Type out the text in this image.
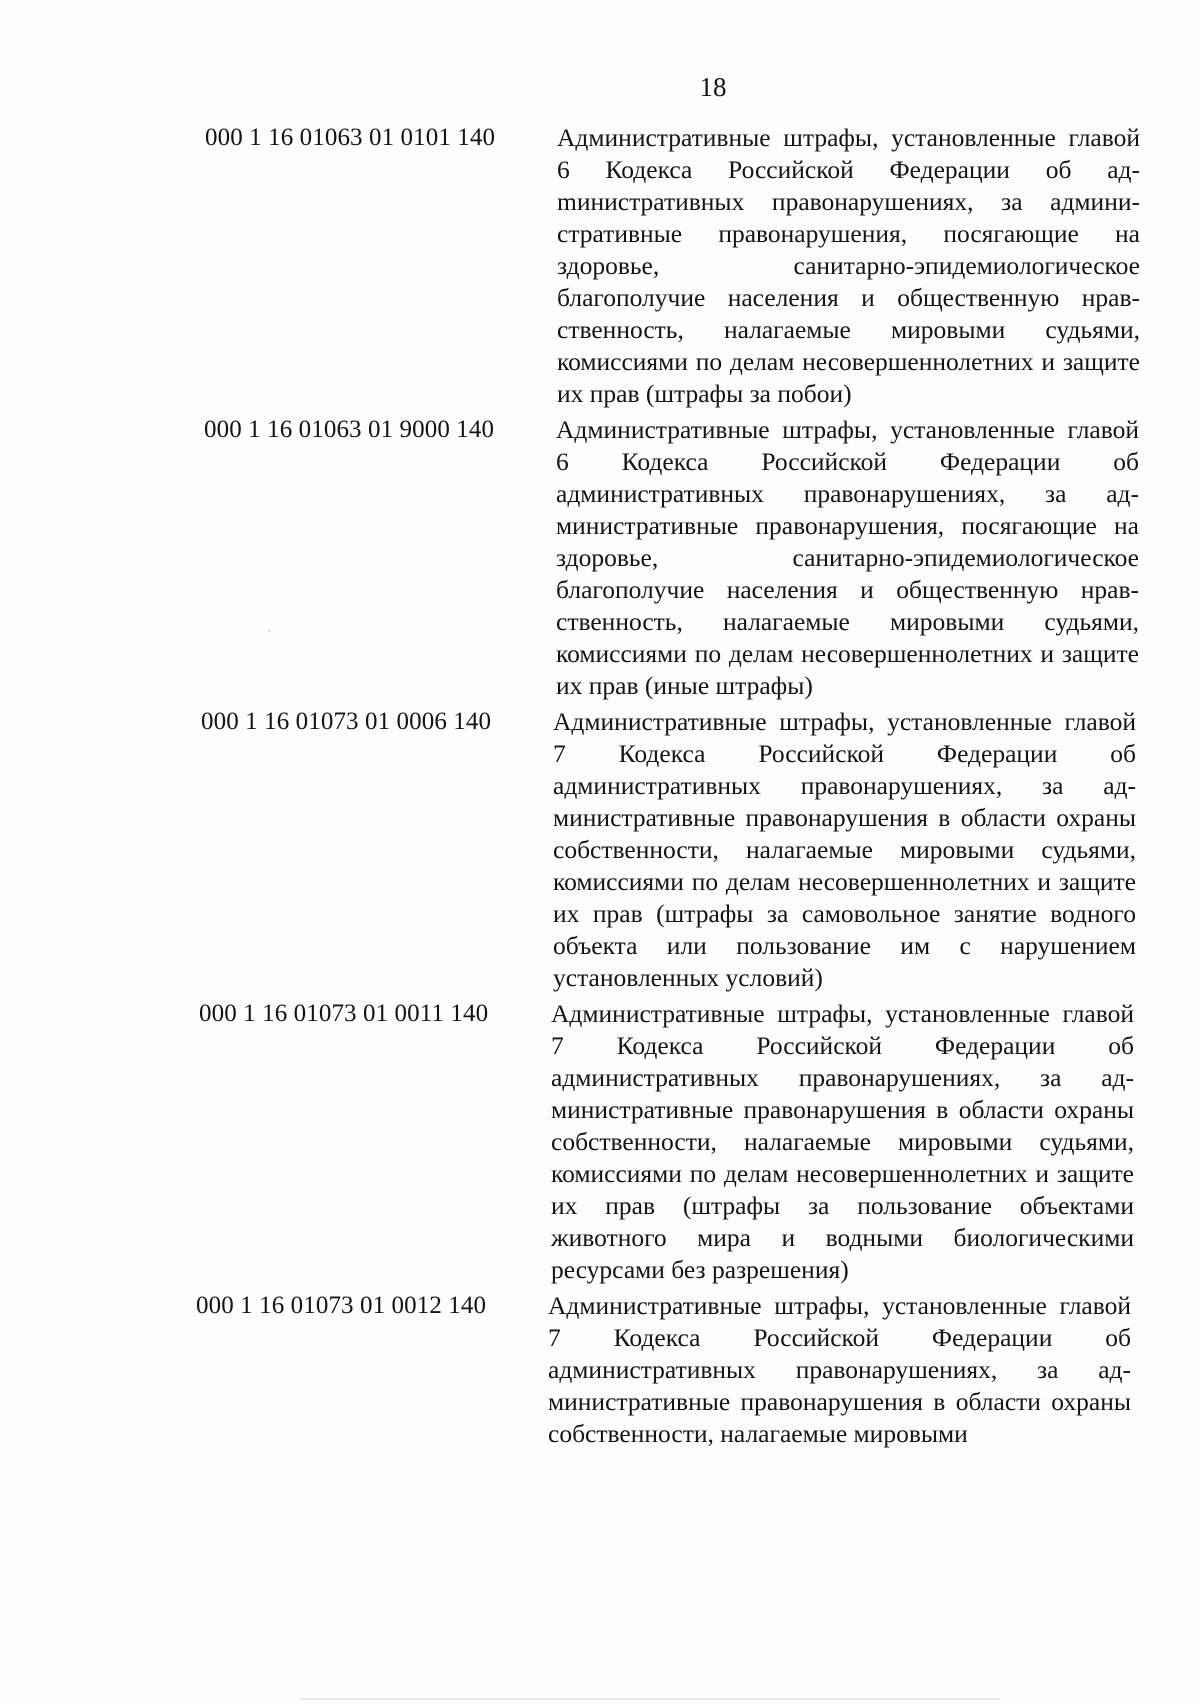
18
000 1 16 01063 01 0101 140	Административные штрафы, установленные главой 6 Кодекса Российской Федерации об адmинистративных правонарушениях, за административные правонарушения, посягающие на здоровье, санитарно-эпидемиологическое благополучие населения и общественную нравственность, налагаемые мировыми судьями, комиссиями по делам несовершеннолетних и защите их прав (штрафы за побои)
000 1 16 01063 01 9000 140	Административные штрафы, установленные главой 6 Кодекса Российской Федерации об административных правонарушениях, за административные правонарушения, посягающие на здоровье, санитарно-эпидемиологическое благополучие населения и общественную нравственность, налагаемые мировыми судьями, комиссиями по делам несовершеннолетних и защите их прав (иные штрафы)
000 1 16 01073 01 0006 140	Административные штрафы, установленные главой 7 Кодекса Российской Федерации об административных правонарушениях, за административные правонарушения в области охраны собственности, налагаемые мировыми судьями, комиссиями по делам несовершеннолетних и защите их прав (штрафы за самовольное занятие водного объекта или пользование им с нарушением установленных условий)
000 1 16 01073 01 0011 140	Административные штрафы, установленные главой 7 Кодекса Российской Федерации об административных правонарушениях, за административные правонарушения в области охраны собственности, налагаемые мировыми судьями, комиссиями по делам несовершеннолетних и защите их прав (штрафы за пользование объектами животного мира и водными биологическими ресурсами без разрешения)
000 1 16 01073 01 0012 140	Административные штрафы, установленные главой 7 Кодекса Российской Федерации об административных правонарушениях, за административные правонарушения в области охраны собственности, налагаемые мировыми
